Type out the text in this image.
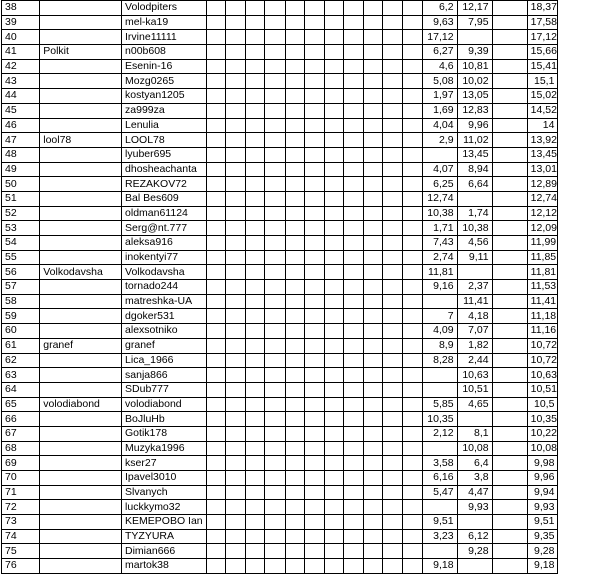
38		Volodpiters												6,2	12,17		18,37
39		mel-ka19												9,63	7,95		17,58
40		Irvine11111												17,12			17,12
41	Polkit	n00b608												6,27	9,39		15,66
42		Esenin-16												4,6	10,81		15,41
43		Mozg0265												5,08	10,02		15,1
44		kostyan1205												1,97	13,05		15,02
45		za999za												1,69	12,83		14,52
46		Lenulia												4,04	9,96		14
47	lool78	LOOL78												2,9	11,02		13,92
48		lyuber695													13,45		13,45
49		dhosheachanta												4,07	8,94		13,01
50		REZAKOV72												6,25	6,64		12,89
51		Bal Bes609												12,74			12,74
52		oldman61124												10,38	1,74		12,12
53		Serg@nt.777												1,71	10,38		12,09
54		aleksa916												7,43	4,56		11,99
55		inokentyi77												2,74	9,11		11,85
56	Volkodavsha	Volkodavsha												11,81			11,81
57		tornado244												9,16	2,37		11,53
58		matreshka-UA													11,41		11,41
59		dgoker531												7	4,18		11,18
60		alexsotniko												4,09	7,07		11,16
61	granef	granef												8,9	1,82		10,72
62		Lica_1966												8,28	2,44		10,72
63		sanja866													10,63		10,63
64		SDub777													10,51		10,51
65	volodiabond	volodiabond												5,85	4,65		10,5
66		BoJluHb												10,35			10,35
67		Gotik178												2,12	8,1		10,22
68		Muzyka1996													10,08		10,08
69		kser27												3,58	6,4		9,98
70		Ipavel3010												6,16	3,8		9,96
71		Slvanych												5,47	4,47		9,94
72		luckkymo32													9,93		9,93
73		KEMEPOBO Ian												9,51			9,51
74		TYZYURA												3,23	6,12		9,35
75		Dimian666													9,28		9,28
76		martok38												9,18			9,18
